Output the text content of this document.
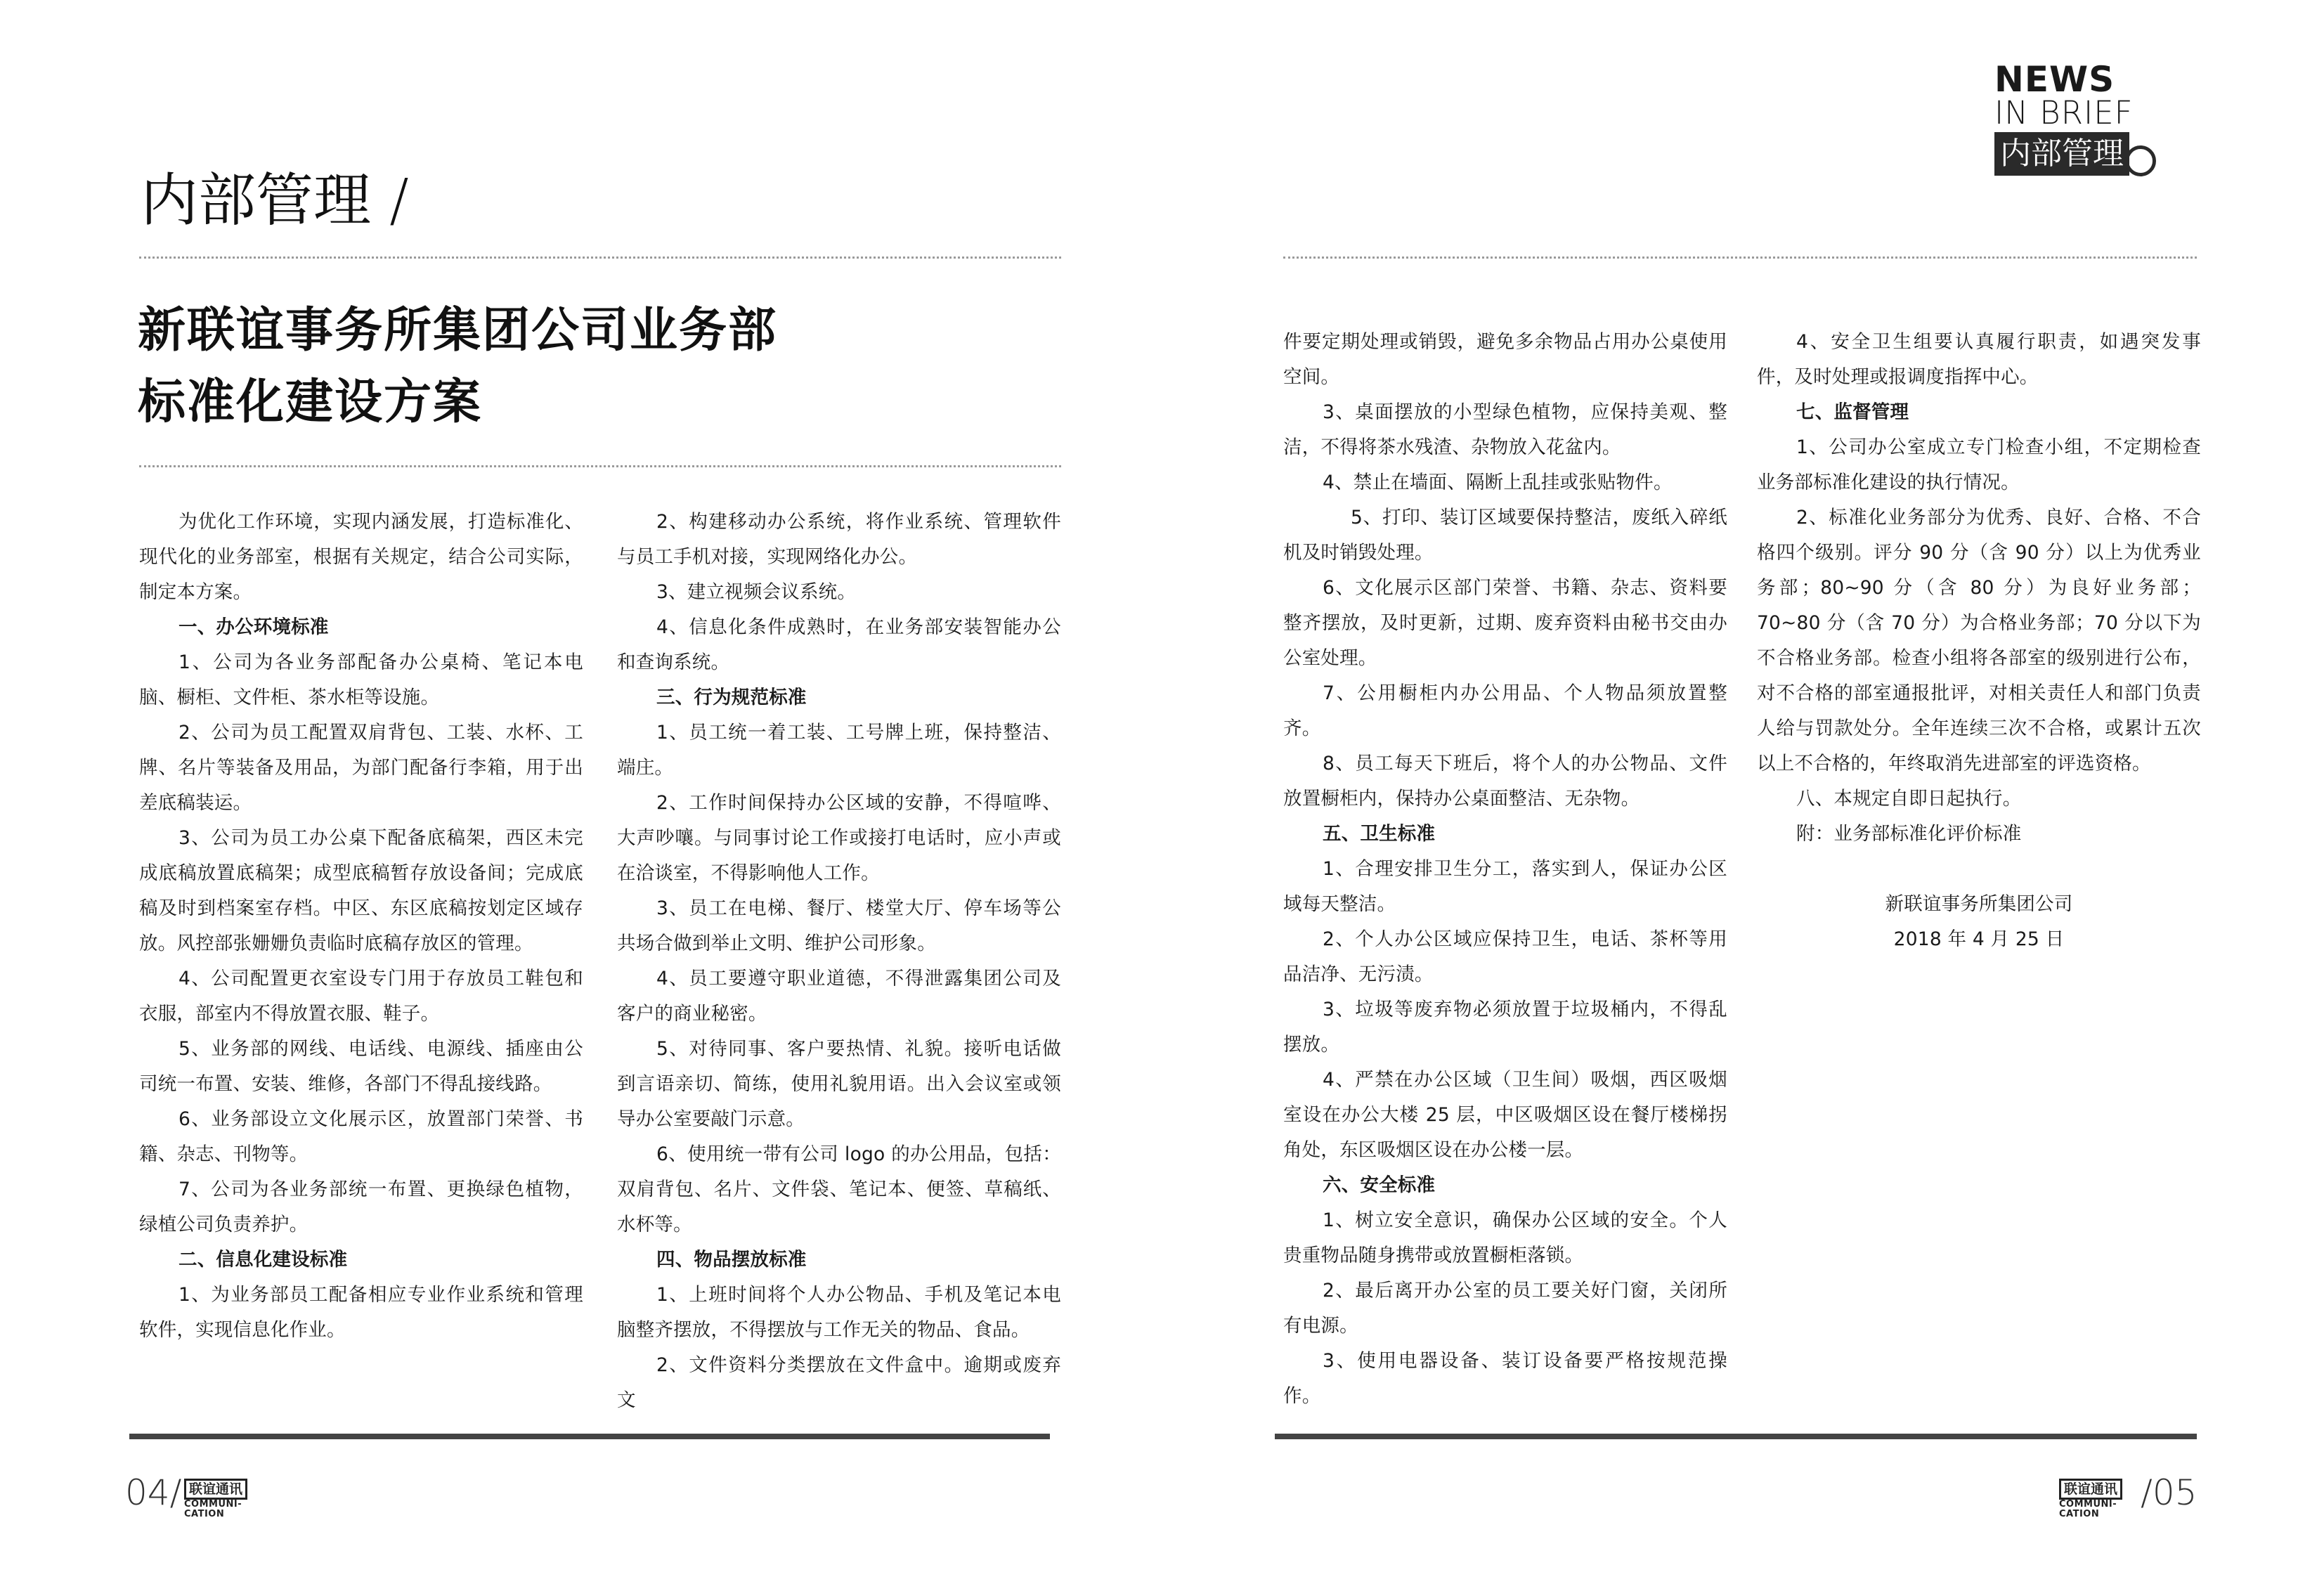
内部管理 /
新联谊事务所集团公司业务部
标准化建设方案

为优化工作环境，实现内涵发展，打造标准化、现代化的业务部室，根据有关规定，结合公司实际，制定本方案。

一、办公环境标准

1、公司为各业务部配备办公桌椅、笔记本电脑、橱柜、文件柜、茶水柜等设施。

2、公司为员工配置双肩背包、工装、水杯、工牌、名片等装备及用品，为部门配备行李箱，用于出差底稿装运。

3、公司为员工办公桌下配备底稿架，西区未完成底稿放置底稿架；成型底稿暂存放设备间；完成底稿及时到档案室存档。中区、东区底稿按划定区域存放。风控部张姗姗负责临时底稿存放区的管理。

4、公司配置更衣室设专门用于存放员工鞋包和衣服，部室内不得放置衣服、鞋子。

5、业务部的网线、电话线、电源线、插座由公司统一布置、安装、维修，各部门不得乱接线路。

6、业务部设立文化展示区，放置部门荣誉、书籍、杂志、刊物等。

7、公司为各业务部统一布置、更换绿色植物，绿植公司负责养护。

二、信息化建设标准

1、为业务部员工配备相应专业作业系统和管理软件，实现信息化作业。

2、构建移动办公系统，将作业系统、管理软件与员工手机对接，实现网络化办公。

3、建立视频会议系统。

4、信息化条件成熟时，在业务部安装智能办公和查询系统。

三、行为规范标准

1、员工统一着工装、工号牌上班，保持整洁、端庄。

2、工作时间保持办公区域的安静，不得喧哗、大声吵嚷。与同事讨论工作或接打电话时，应小声或在洽谈室，不得影响他人工作。

3、员工在电梯、餐厅、楼堂大厅、停车场等公共场合做到举止文明、维护公司形象。

4、员工要遵守职业道德，不得泄露集团公司及客户的商业秘密。

5、对待同事、客户要热情、礼貌。接听电话做到言语亲切、简练，使用礼貌用语。出入会议室或领导办公室要敲门示意。

6、使用统一带有公司 logo 的办公用品，包括：双肩背包、名片、文件袋、笔记本、便签、草稿纸、水杯等。

四、物品摆放标准

1、上班时间将个人办公物品、手机及笔记本电脑整齐摆放，不得摆放与工作无关的物品、食品。

2、文件资料分类摆放在文件盒中。逾期或废弃文

04/ 联谊通讯
COMMUNI-
CATION
NEWS
IN BRIEF
内部管理

件要定期处理或销毁，避免多余物品占用办公桌使用空间。

3、桌面摆放的小型绿色植物，应保持美观、整洁，不得将茶水残渣、杂物放入花盆内。

4、禁止在墙面、隔断上乱挂或张贴物件。

5、打印、装订区域要保持整洁，废纸入碎纸机及时销毁处理。

6、文化展示区部门荣誉、书籍、杂志、资料要整齐摆放，及时更新，过期、废弃资料由秘书交由办公室处理。

7、公用橱柜内办公用品、个人物品须放置整齐。

8、员工每天下班后，将个人的办公物品、文件放置橱柜内，保持办公桌面整洁、无杂物。

五、卫生标准

1、合理安排卫生分工，落实到人，保证办公区域每天整洁。

2、个人办公区域应保持卫生，电话、茶杯等用品洁净、无污渍。

3、垃圾等废弃物必须放置于垃圾桶内，不得乱摆放。

4、严禁在办公区域（卫生间）吸烟，西区吸烟室设在办公大楼 25 层，中区吸烟区设在餐厅楼梯拐角处，东区吸烟区设在办公楼一层。

六、安全标准

1、树立安全意识，确保办公区域的安全。个人贵重物品随身携带或放置橱柜落锁。

2、最后离开办公室的员工要关好门窗，关闭所有电源。

3、使用电器设备、装订设备要严格按规范操作。

4、安全卫生组要认真履行职责，如遇突发事件，及时处理或报调度指挥中心。

七、监督管理

1、公司办公室成立专门检查小组，不定期检查业务部标准化建设的执行情况。

2、标准化业务部分为优秀、良好、合格、不合格四个级别。评分 90 分（含 90 分）以上为优秀业务部；80~90 分（含 80 分）为良好业务部；70~80 分（含 70 分）为合格业务部；70 分以下为不合格业务部。检查小组将各部室的级别进行公布，对不合格的部室通报批评，对相关责任人和部门负责人给与罚款处分。全年连续三次不合格，或累计五次以上不合格的，年终取消先进部室的评选资格。

八、本规定自即日起执行。

附：业务部标准化评价标准

新联谊事务所集团公司

2018 年 4 月 25 日

联谊通讯
COMMUNI-
CATION
/05
